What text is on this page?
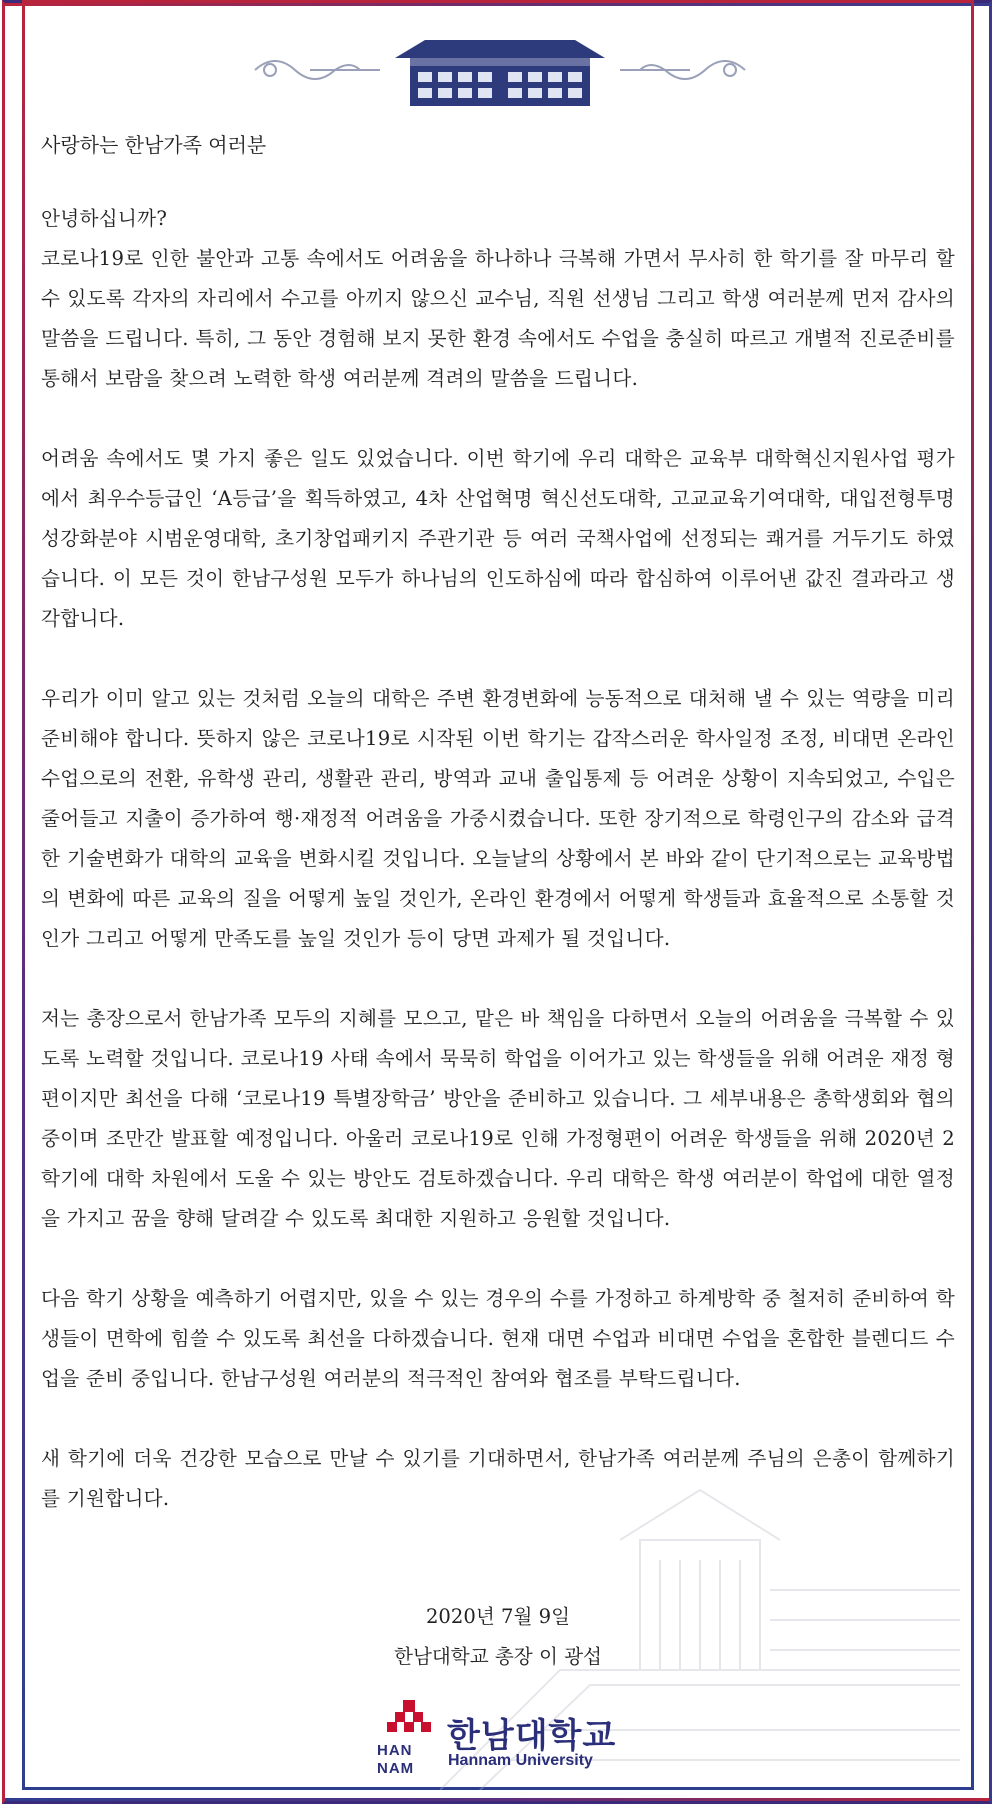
사랑하는 한남가족 여러분

안녕하십니까?

코로나19로 인한 불안과 고통 속에서도 어려움을 하나하나 극복해 가면서 무사히 한 학기를 잘 마무리 할 수 있도록 각자의 자리에서 수고를 아끼지 않으신 교수님, 직원 선생님 그리고 학생 여러분께 먼저 감사의 말씀을 드립니다. 특히, 그 동안 경험해 보지 못한 환경 속에서도 수업을 충실히 따르고 개별적 진로준비를 통해서 보람을 찾으려 노력한 학생 여러분께 격려의 말씀을 드립니다.

어려움 속에서도 몇 가지 좋은 일도 있었습니다. 이번 학기에 우리 대학은 교육부 대학혁신지원사업 평가에서 최우수등급인 ‘A등급’을 획득하였고, 4차 산업혁명 혁신선도대학, 고교교육기여대학, 대입전형투명성강화분야 시범운영대학, 초기창업패키지 주관기관 등 여러 국책사업에 선정되는 쾌거를 거두기도 하였습니다. 이 모든 것이 한남구성원 모두가 하나님의 인도하심에 따라 합심하여 이루어낸 값진 결과라고 생각합니다.

우리가 이미 알고 있는 것처럼 오늘의 대학은 주변 환경변화에 능동적으로 대처해 낼 수 있는 역량을 미리 준비해야 합니다. 뜻하지 않은 코로나19로 시작된 이번 학기는 갑작스러운 학사일정 조정, 비대면 온라인 수업으로의 전환, 유학생 관리, 생활관 관리, 방역과 교내 출입통제 등 어려운 상황이 지속되었고, 수입은 줄어들고 지출이 증가하여 행·재정적 어려움을 가중시켰습니다. 또한 장기적으로 학령인구의 감소와 급격한 기술변화가 대학의 교육을 변화시킬 것입니다. 오늘날의 상황에서 본 바와 같이 단기적으로는 교육방법의 변화에 따른 교육의 질을 어떻게 높일 것인가, 온라인 환경에서 어떻게 학생들과 효율적으로 소통할 것인가 그리고 어떻게 만족도를 높일 것인가 등이 당면 과제가 될 것입니다.

저는 총장으로서 한남가족 모두의 지혜를 모으고, 맡은 바 책임을 다하면서 오늘의 어려움을 극복할 수 있도록 노력할 것입니다. 코로나19 사태 속에서 묵묵히 학업을 이어가고 있는 학생들을 위해 어려운 재정 형편이지만 최선을 다해 ‘코로나19 특별장학금’ 방안을 준비하고 있습니다. 그 세부내용은 총학생회와 협의 중이며 조만간 발표할 예정입니다. 아울러 코로나19로 인해 가정형편이 어려운 학생들을 위해 2020년 2학기에 대학 차원에서 도울 수 있는 방안도 검토하겠습니다. 우리 대학은 학생 여러분이 학업에 대한 열정을 가지고 꿈을 향해 달려갈 수 있도록 최대한 지원하고 응원할 것입니다.

다음 학기 상황을 예측하기 어렵지만, 있을 수 있는 경우의 수를 가정하고 하계방학 중 철저히 준비하여 학생들이 면학에 힘쓸 수 있도록 최선을 다하겠습니다. 현재 대면 수업과 비대면 수업을 혼합한 블렌디드 수업을 준비 중입니다. 한남구성원 여러분의 적극적인 참여와 협조를 부탁드립니다.

새 학기에 더욱 건강한 모습으로 만날 수 있기를 기대하면서, 한남가족 여러분께 주님의 은총이 함께하기를 기원합니다.

2020년 7월 9일
한남대학교 총장 이 광섭
HAN
NAM
한남대학교
Hannam University
